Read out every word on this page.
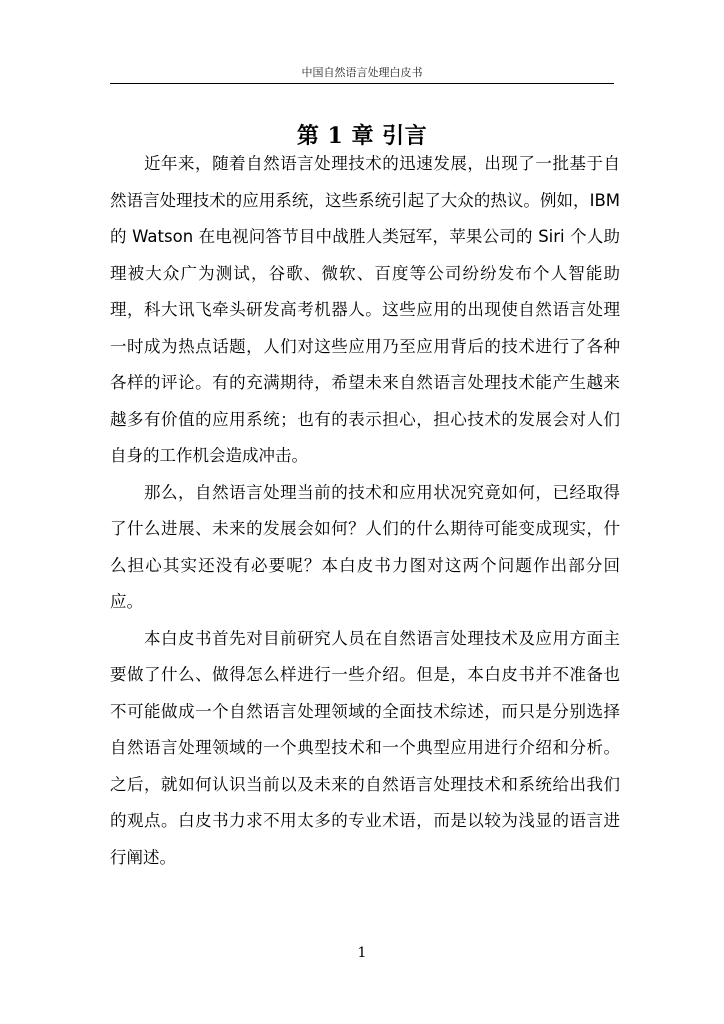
中国自然语言处理白皮书
第 1 章 引言

近年来，随着自然语言处理技术的迅速发展，出现了一批基于自然语言处理技术的应用系统，这些系统引起了大众的热议。例如，IBM 的 Watson 在电视问答节目中战胜人类冠军，苹果公司的 Siri 个人助理被大众广为测试，谷歌、微软、百度等公司纷纷发布个人智能助理，科大讯飞牵头研发高考机器人。这些应用的出现使自然语言处理一时成为热点话题，人们对这些应用乃至应用背后的技术进行了各种各样的评论。有的充满期待，希望未来自然语言处理技术能产生越来越多有价值的应用系统；也有的表示担心，担心技术的发展会对人们自身的工作机会造成冲击。

那么，自然语言处理当前的技术和应用状况究竟如何，已经取得了什么进展、未来的发展会如何？人们的什么期待可能变成现实，什么担心其实还没有必要呢？本白皮书力图对这两个问题作出部分回应。

本白皮书首先对目前研究人员在自然语言处理技术及应用方面主要做了什么、做得怎么样进行一些介绍。但是，本白皮书并不准备也不可能做成一个自然语言处理领域的全面技术综述，而只是分别选择自然语言处理领域的一个典型技术和一个典型应用进行介绍和分析。之后，就如何认识当前以及未来的自然语言处理技术和系统给出我们的观点。白皮书力求不用太多的专业术语，而是以较为浅显的语言进行阐述。

1
